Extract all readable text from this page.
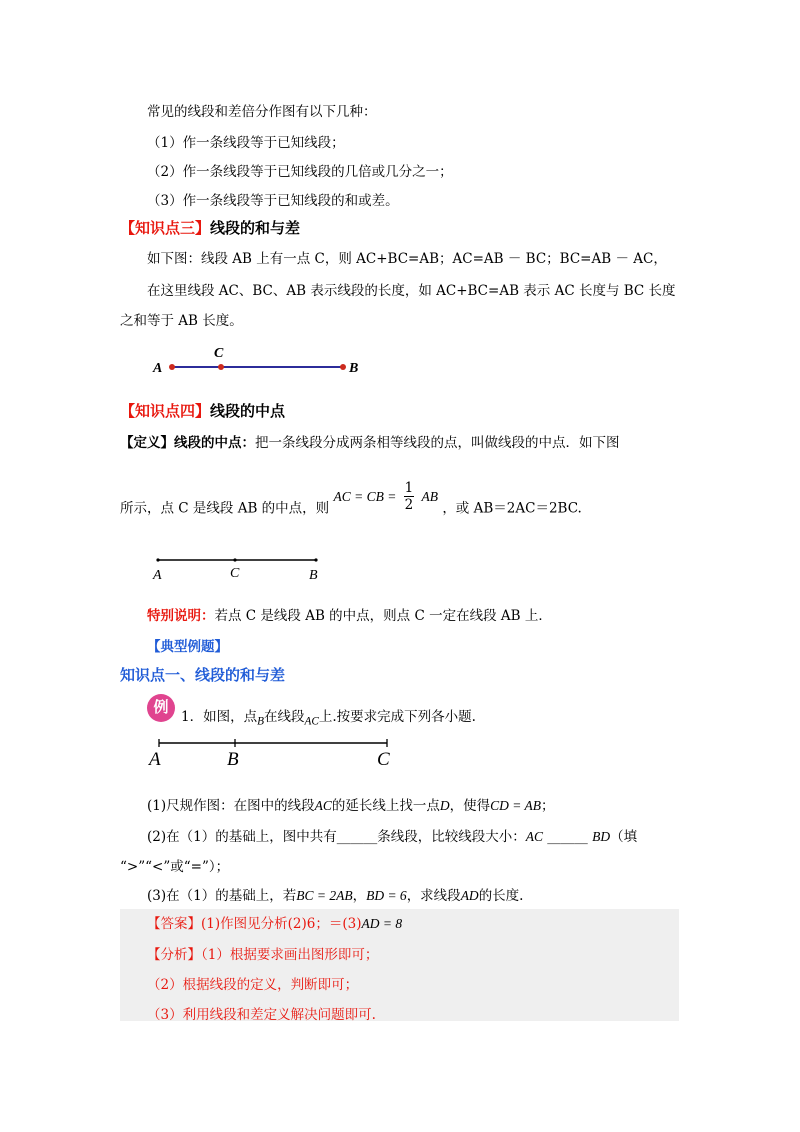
常见的线段和差倍分作图有以下几种：
（1）作一条线段等于已知线段；
（2）作一条线段等于已知线段的几倍或几分之一；
（3）作一条线段等于已知线段的和或差。
【知识点三】线段的和与差
如下图：线段 AB 上有一点 C，则 AC+BC=AB；AC=AB － BC；BC=AB － AC，
在这里线段 AC、BC、AB 表示线段的长度，如 AC+BC=AB 表示 AC 长度与 BC 长度
之和等于 AB 长度。
A
C
B
【知识点四】线段的中点
【定义】线段的中点：把一条线段分成两条相等线段的点，叫做线段的中点．如下图
所示，点 C 是线段 AB 的中点，则 AC = CB = $\frac{1}{2}$ AB ，或 AB＝2AC＝2BC.
A	C	B
特别说明：若点 C 是线段 AB 的中点，则点 C 一定在线段 AB 上．
【典型例题】
知识点一、线段的和与差
例
1．如图，点$_B$在线段$_{AC}$上.按要求完成下列各小题.
A	B	C
(1)尺规作图：在图中的线段AC的延长线上找一点D，使得CD = AB；
(2)在（1）的基础上，图中共有______条线段，比较线段大小：AC ______ BD（填
“>”“<”或“=”）；
(3)在（1）的基础上，若BC = 2AB，BD = 6，求线段AD的长度.
【答案】(1)作图见分析(2)6；＝(3)AD = 8
【分析】（1）根据要求画出图形即可；
（2）根据线段的定义，判断即可；
（3）利用线段和差定义解决问题即可.
